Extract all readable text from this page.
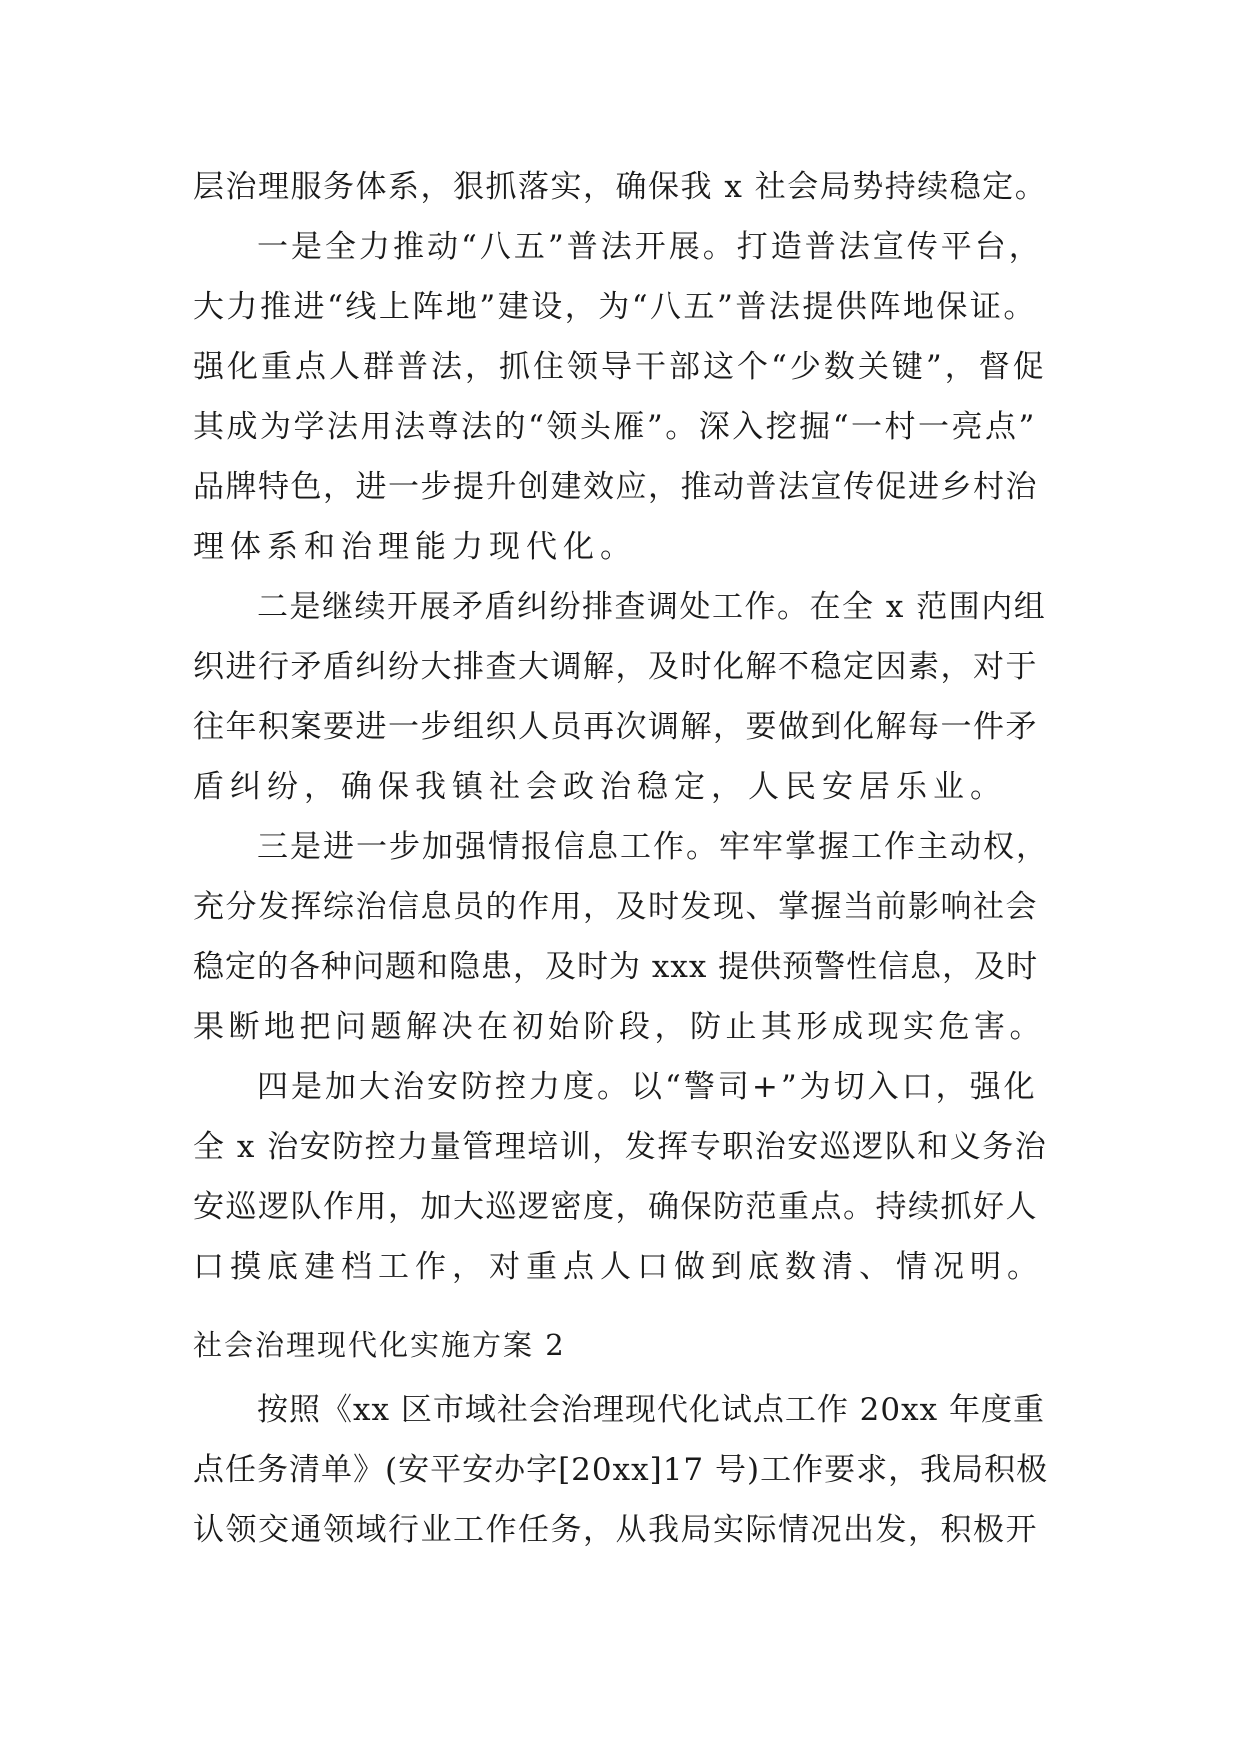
层治理服务体系，狠抓落实，确保我 x 社会局势持续稳定。
一是全力推动“八五”普法开展。打造普法宣传平台，
大力推进“线上阵地”建设，为“八五”普法提供阵地保证。
强化重点人群普法，抓住领导干部这个“少数关键”，督促
其成为学法用法尊法的“领头雁”。深入挖掘“一村一亮点”
品牌特色，进一步提升创建效应，推动普法宣传促进乡村治
理体系和治理能力现代化。
二是继续开展矛盾纠纷排查调处工作。在全 x 范围内组
织进行矛盾纠纷大排查大调解，及时化解不稳定因素，对于
往年积案要进一步组织人员再次调解，要做到化解每一件矛
盾纠纷，确保我镇社会政治稳定，人民安居乐业。
三是进一步加强情报信息工作。牢牢掌握工作主动权，
充分发挥综治信息员的作用，及时发现、掌握当前影响社会
稳定的各种问题和隐患，及时为 xxx 提供预警性信息，及时
果断地把问题解决在初始阶段，防止其形成现实危害。
四是加大治安防控力度。以“警司+”为切入口，强化
全 x 治安防控力量管理培训，发挥专职治安巡逻队和义务治
安巡逻队作用，加大巡逻密度，确保防范重点。持续抓好人
口摸底建档工作，对重点人口做到底数清、情况明。
社会治理现代化实施方案 2
按照《xx 区市域社会治理现代化试点工作 20xx 年度重
点任务清单》(安平安办字[20xx]17 号)工作要求，我局积极
认领交通领域行业工作任务，从我局实际情况出发，积极开
